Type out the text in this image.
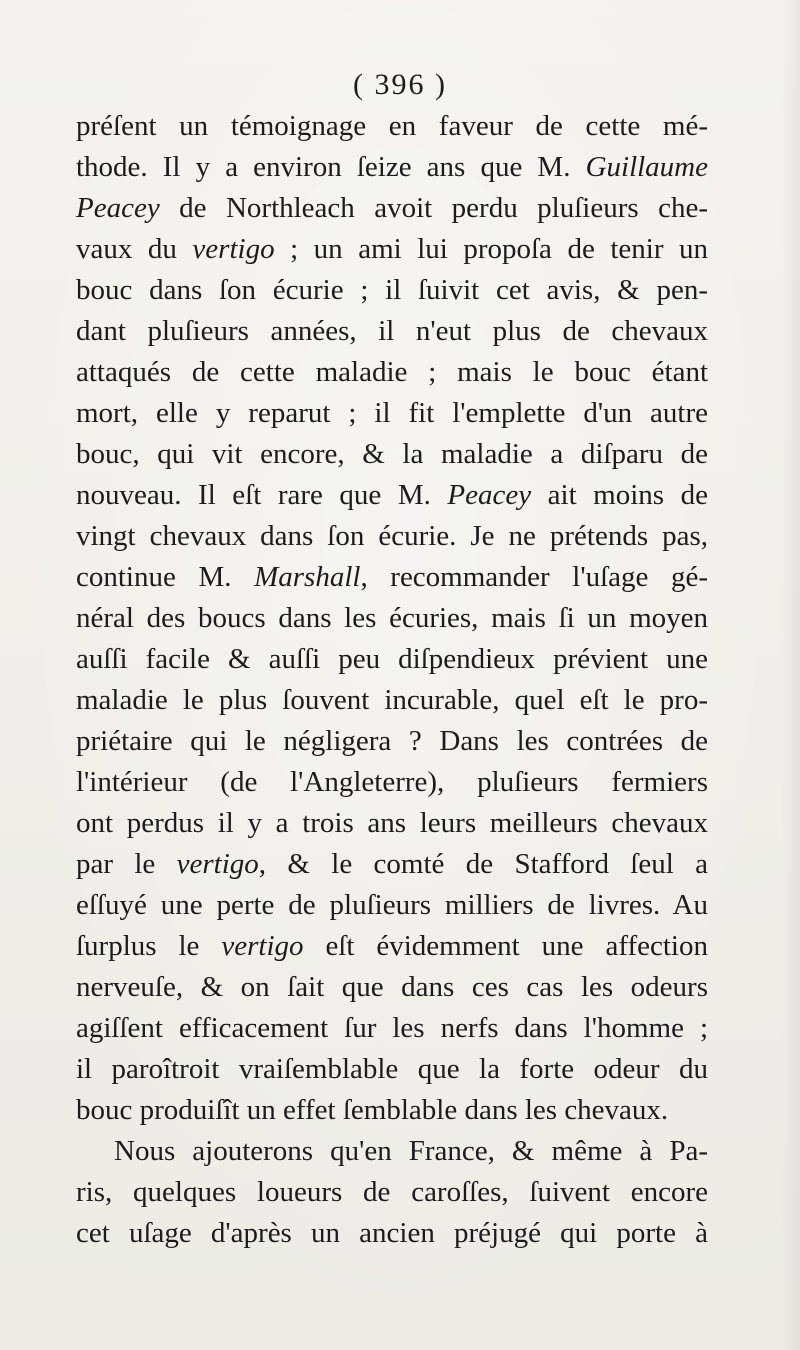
( 396 )
préſent un témoignage en faveur de cette mé-
thode. Il y a environ ſeize ans que M. Guillaume
Peacey de Northleach avoit perdu pluſieurs che-
vaux du vertigo ; un ami lui propoſa de tenir un
bouc dans ſon écurie ; il ſuivit cet avis, & pen-
dant pluſieurs années, il n'eut plus de chevaux
attaqués de cette maladie ; mais le bouc étant
mort, elle y reparut ; il fit l'emplette d'un autre
bouc, qui vit encore, & la maladie a diſparu de
nouveau. Il eſt rare que M. Peacey ait moins de
vingt chevaux dans ſon écurie. Je ne prétends pas,
continue M. Marshall, recommander l'uſage gé-
néral des boucs dans les écuries, mais ſi un moyen
auſſi facile & auſſi peu diſpendieux prévient une
maladie le plus ſouvent incurable, quel eſt le pro-
priétaire qui le négligera ? Dans les contrées de
l'intérieur (de l'Angleterre), pluſieurs fermiers
ont perdus il y a trois ans leurs meilleurs chevaux
par le vertigo, & le comté de Stafford ſeul a
eſſuyé une perte de pluſieurs milliers de livres. Au
ſurplus le vertigo eſt évidemment une affection
nerveuſe, & on ſait que dans ces cas les odeurs
agiſſent efficacement ſur les nerfs dans l'homme ;
il paroîtroit vraiſemblable que la forte odeur du
bouc produiſît un effet ſemblable dans les chevaux.
Nous ajouterons qu'en France, & même à Pa-
ris, quelques loueurs de caroſſes, ſuivent encore
cet uſage d'après un ancien préjugé qui porte à
